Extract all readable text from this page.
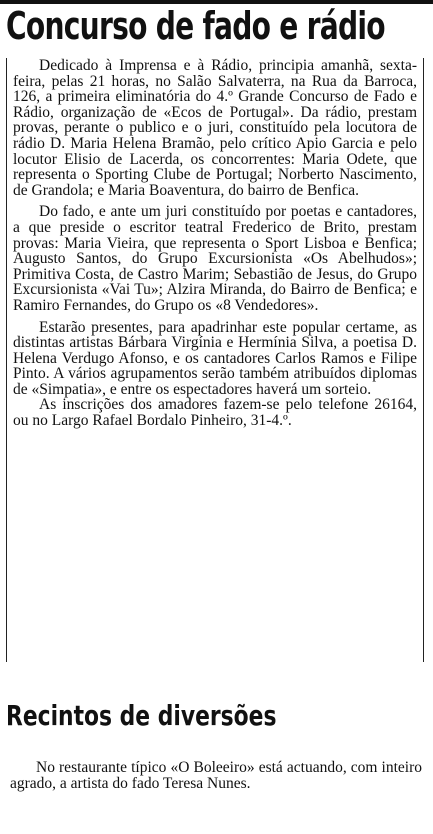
Concurso de fado e rádio

Dedicado à Imprensa e à Rádio, principia amanhã, sexta-feira, pelas 21 horas, no Salão Salvaterra, na Rua da Barroca, 126, a primeira eliminatória do 4.º Grande Concurso de Fado e Rádio, organização de «Ecos de Portugal». Da rádio, prestam provas, perante o publico e o juri, constituído pela locutora de rádio D. Maria Helena Bramão, pelo crítico Apio Garcia e pelo locutor Elisio de Lacerda, os concorrentes: Maria Odete, que representa o Sporting Clube de Portugal; Norberto Nascimento, de Grandola; e Maria Boaventura, do bairro de Benfica.

Do fado, e ante um juri constituído por poetas e cantadores, a que preside o escritor teatral Frederico de Brito, prestam provas: Maria Vieira, que representa o Sport Lisboa e Benfica; Augusto Santos, do Grupo Excursionista «Os Abelhudos»; Primitiva Costa, de Castro Marim; Sebastião de Jesus, do Grupo Excursionista «Vai Tu»; Alzira Miranda, do Bairro de Benfica; e Ramiro Fernandes, do Grupo os «8 Vendedores».

Estarão presentes, para apadrinhar este popular certame, as distintas artistas Bárbara Virgínia e Hermínia Silva, a poetisa D. Helena Verdugo Afonso, e os cantadores Carlos Ramos e Filipe Pinto. A vários agrupamentos serão também atribuídos diplomas de «Simpatia», e entre os espectadores haverá um sorteio.

As inscrições dos amadores fazem-se pelo telefone 26164, ou no Largo Rafael Bordalo Pinheiro, 31-4.º.

Recintos de diversões

No restaurante típico «O Boleeiro» está actuando, com inteiro agrado, a artista do fado Teresa Nunes.
